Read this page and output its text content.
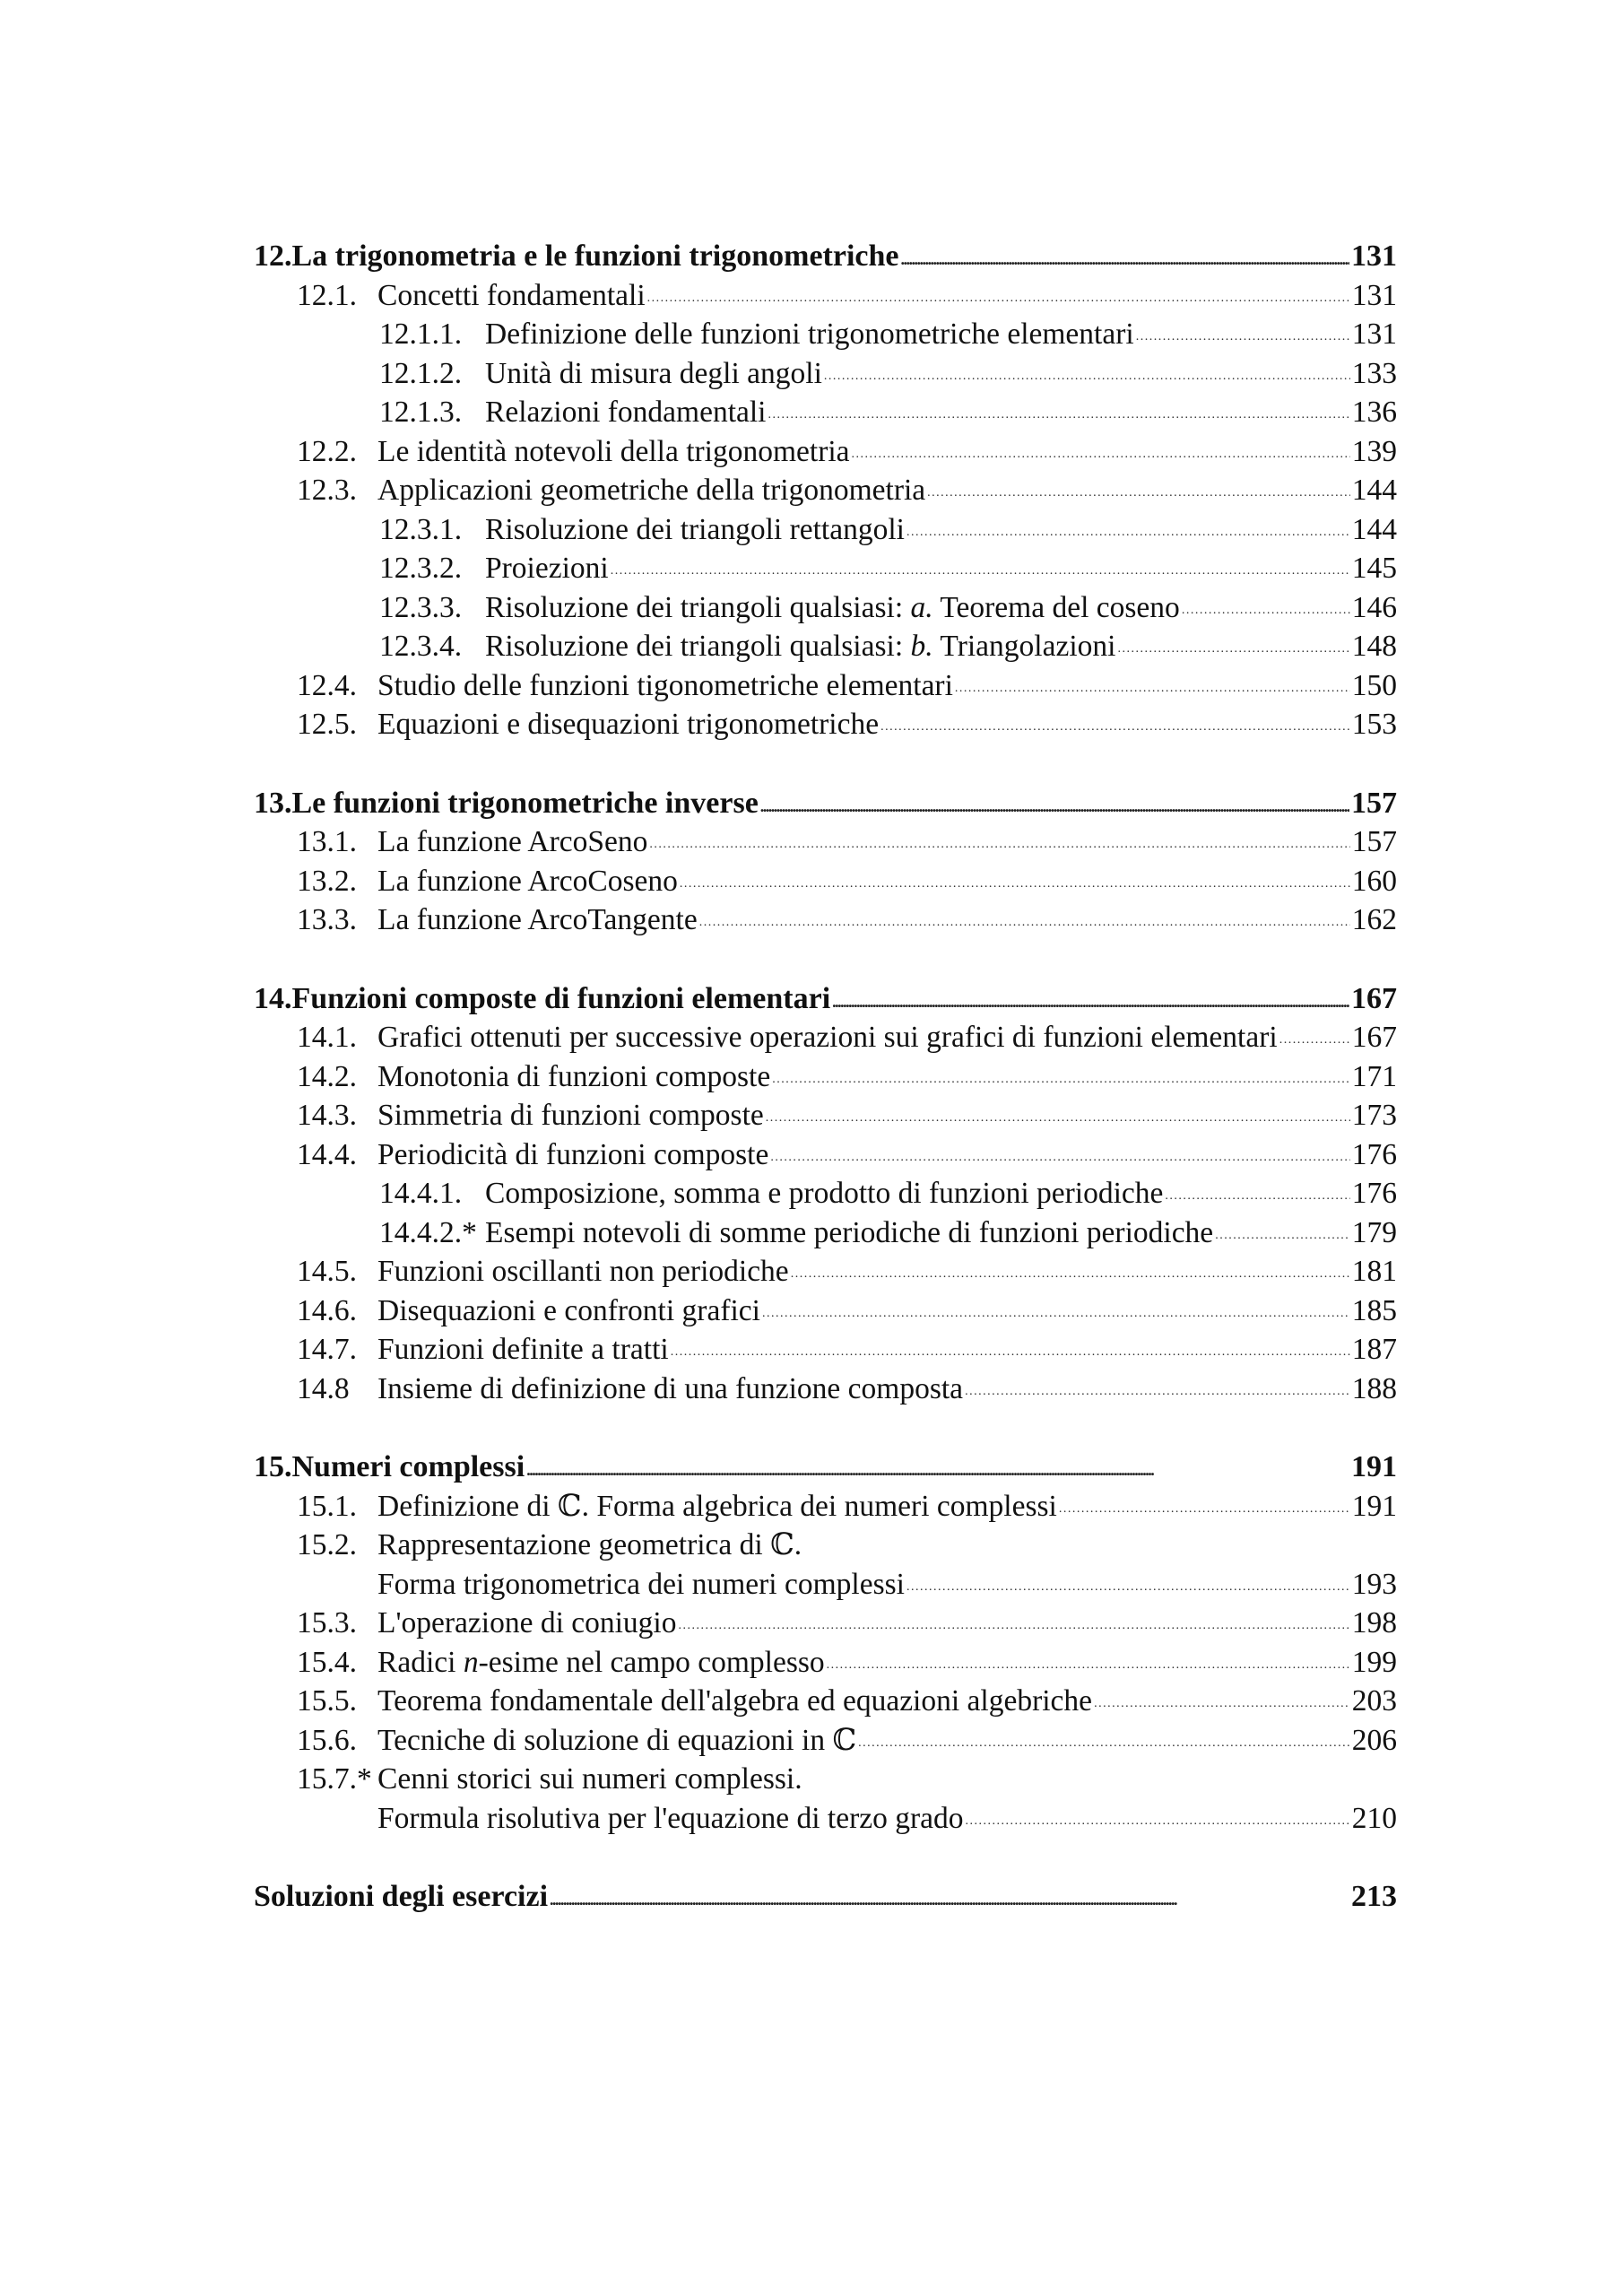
12. La trigonometria e le funzioni trigonometriche . . .	131
12.1. Concetti fondamentali . . .	131
12.1.1. Definizione delle funzioni trigonometriche elementari . . .	131
12.1.2. Unità di misura degli angoli . . .	133
12.1.3. Relazioni fondamentali . . .	136
12.2. Le identità notevoli della trigonometria . . .	139
12.3. Applicazioni geometriche della trigonometria . . .	144
12.3.1. Risoluzione dei triangoli rettangoli . . .	144
12.3.2. Proiezioni . . .	145
12.3.3. Risoluzione dei triangoli qualsiasi: a. Teorema del coseno . . .	146
12.3.4. Risoluzione dei triangoli qualsiasi: b. Triangolazioni . . .	148
12.4. Studio delle funzioni tigonometriche elementari . . .	150
12.5. Equazioni e disequazioni trigonometriche . . .	153
13. Le funzioni trigonometriche inverse . . .	157
13.1. La funzione ArcoSeno . . .	157
13.2. La funzione ArcoCoseno . . .	160
13.3. La funzione ArcoTangente . . .	162
14. Funzioni composte di funzioni elementari . . .	167
14.1. Grafici ottenuti per successive operazioni sui grafici di funzioni elementari . . . 167
14.2. Monotonia di funzioni composte . . .	171
14.3. Simmetria di funzioni composte . . .	173
14.4. Periodicità di funzioni composte . . .	176
14.4.1. Composizione, somma e prodotto di funzioni periodiche . . .	176
14.4.2.* Esempi notevoli di somme periodiche di funzioni periodiche . . .	179
14.5. Funzioni oscillanti non periodiche . . .	181
14.6. Disequazioni e confronti grafici . . .	185
14.7. Funzioni definite a tratti . . .	187
14.8 Insieme di definizione di una funzione composta . . .	188
15. Numeri complessi . . .	191
15.1. Definizione di ℂ. Forma algebrica dei numeri complessi . . .	191
15.2. Rappresentazione geometrica di ℂ.
Forma trigonometrica dei numeri complessi . . .	193
15.3. L'operazione di coniugio . . .	198
15.4. Radici n-esime nel campo complesso . . .	199
15.5. Teorema fondamentale dell'algebra ed equazioni algebriche . . .	203
15.6. Tecniche di soluzione di equazioni in ℂ . . .	206
15.7.* Cenni storici sui numeri complessi.
Formula risolutiva per l'equazione di terzo grado . . .	210
Soluzioni degli esercizi . . .	213
